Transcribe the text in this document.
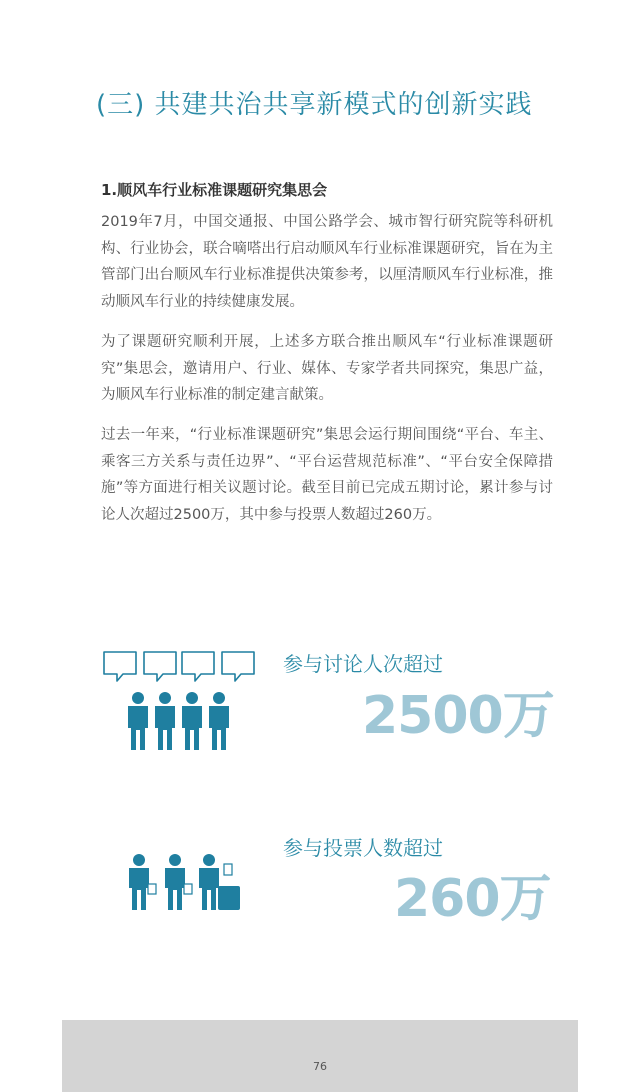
(三) 共建共治共享新模式的创新实践
1.顺风车行业标准课题研究集思会

2019年7月，中国交通报、中国公路学会、城市智行研究院等科研机构、行业协会，联合嘀嗒出行启动顺风车行业标准课题研究，旨在为主管部门出台顺风车行业标准提供决策参考，以厘清顺风车行业标准，推动顺风车行业的持续健康发展。

为了课题研究顺利开展，上述多方联合推出顺风车“行业标准课题研究”集思会，邀请用户、行业、媒体、专家学者共同探究，集思广益，为顺风车行业标准的制定建言献策。

过去一年来，“行业标准课题研究”集思会运行期间围绕“平台、车主、乘客三方关系与责任边界”、“平台运营规范标准”、“平台安全保障措施”等方面进行相关议题讨论。截至目前已完成五期讨论，累计参与讨论人次超过2500万，其中参与投票人数超过260万。

参与讨论人次超过
2500万
参与投票人数超过
260万
76
